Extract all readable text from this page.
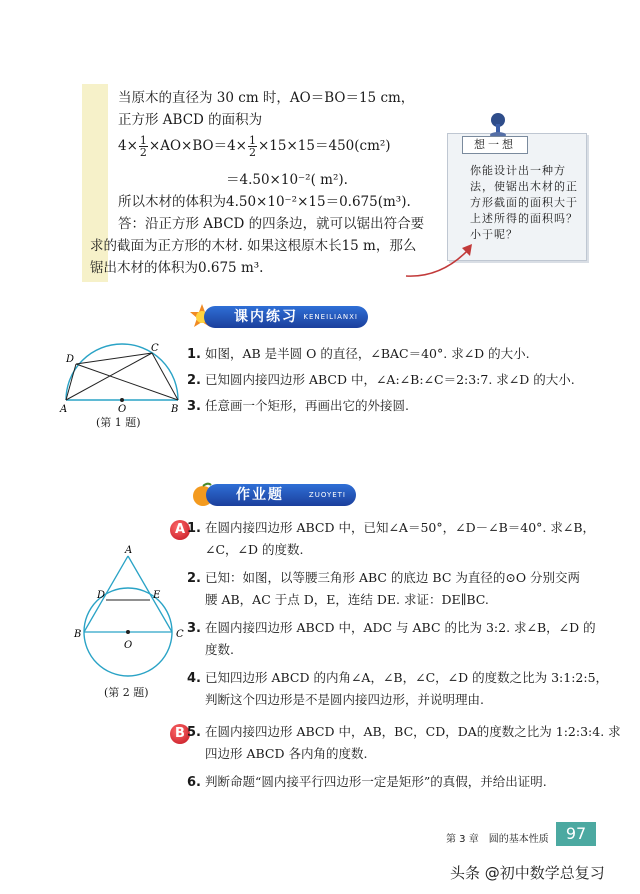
当原木的直径为 30 cm 时，AO＝BO＝15 cm，
正方形 ABCD 的面积为
$4\times \frac{1}{2} \times AO\times BO=4\times \frac{1}{2} \times 15\times 15=450(cm^2)$
＝4.50×10⁻²( m²).
所以木材的体积为4.50×10⁻²×15＝0.675(m³).
答：沿正方形 ABCD 的四条边，就可以锯出符合要
求的截面为正方形的木材. 如果这根原木长15 m，那么
锯出木材的体积为0.675 m³.
想一想
你能设计出一种方法，使锯出木材的正方形截面的面积大于上述所得的面积吗？小于呢？
课内练习 KENEILIANXI
A	B
C
D
O
(第 1 题)
1. 如图，AB 是半圆 O 的直径，∠BAC＝40°. 求∠D 的大小.
2. 已知圆内接四边形 ABCD 中，∠A:∠B:∠C＝2:3:7. 求∠D 的大小.
3. 任意画一个矩形，再画出它的外接圆.
作业题	ZUOYETI
A
B	C
D	E
O
(第 2 题)
A 1. 在圆内接四边形 ABCD 中，已知∠A＝50°，∠D－∠B＝40°. 求∠B，
∠C，∠D 的度数.
2. 已知：如图，以等腰三角形 ABC 的底边 BC 为直径的⊙O 分别交两
腰 AB，AC 于点 D，E，连结 DE. 求证：DE∥BC.
3. 在圆内接四边形 ABCD 中，ADC 与 ABC 的比为 3:2. 求∠B，∠D 的
度数.
4. 已知四边形 ABCD 的内角∠A，∠B，∠C，∠D 的度数之比为 3:1:2:5，
判断这个四边形是不是圆内接四边形，并说明理由.
B 5. 在圆内接四边形 ABCD 中，AB，BC，CD，DA的度数之比为 1:2:3:4. 求
四边形 ABCD 各内角的度数.
6. 判断命题“圆内接平行四边形一定是矩形”的真假，并给出证明.
第 3 章　圆的基本性质	97
头条 @初中数学总复习
